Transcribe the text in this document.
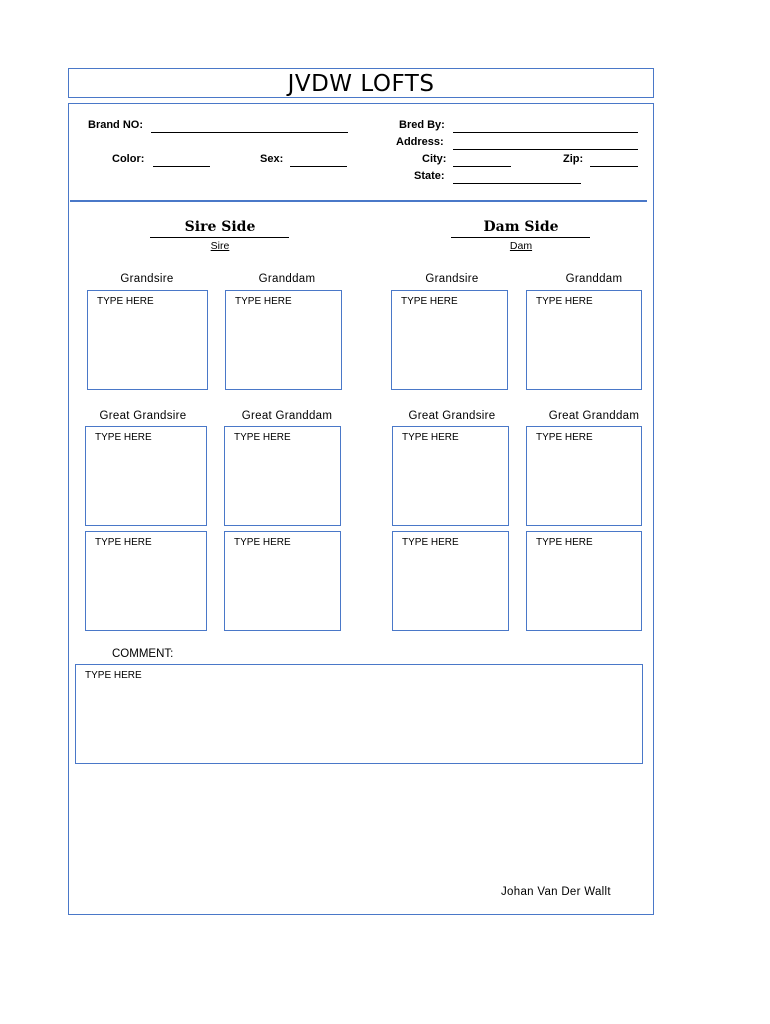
JVDW LOFTS
Brand NO:
Color:	Sex:
Bred By:
Address:
City:	Zip:
State:
Sire Side
Sire
Dam Side
Dam
Grandsire	Granddam	Grandsire	Granddam
TYPE HERE	TYPE HERE	TYPE HERE	TYPE HERE
Great Grandsire	Great Granddam	Great Grandsire	Great Granddam
TYPE HERE	TYPE HERE	TYPE HERE	TYPE HERE
TYPE HERE	TYPE HERE	TYPE HERE	TYPE HERE
COMMENT:
TYPE HERE
Johan Van Der Wallt
